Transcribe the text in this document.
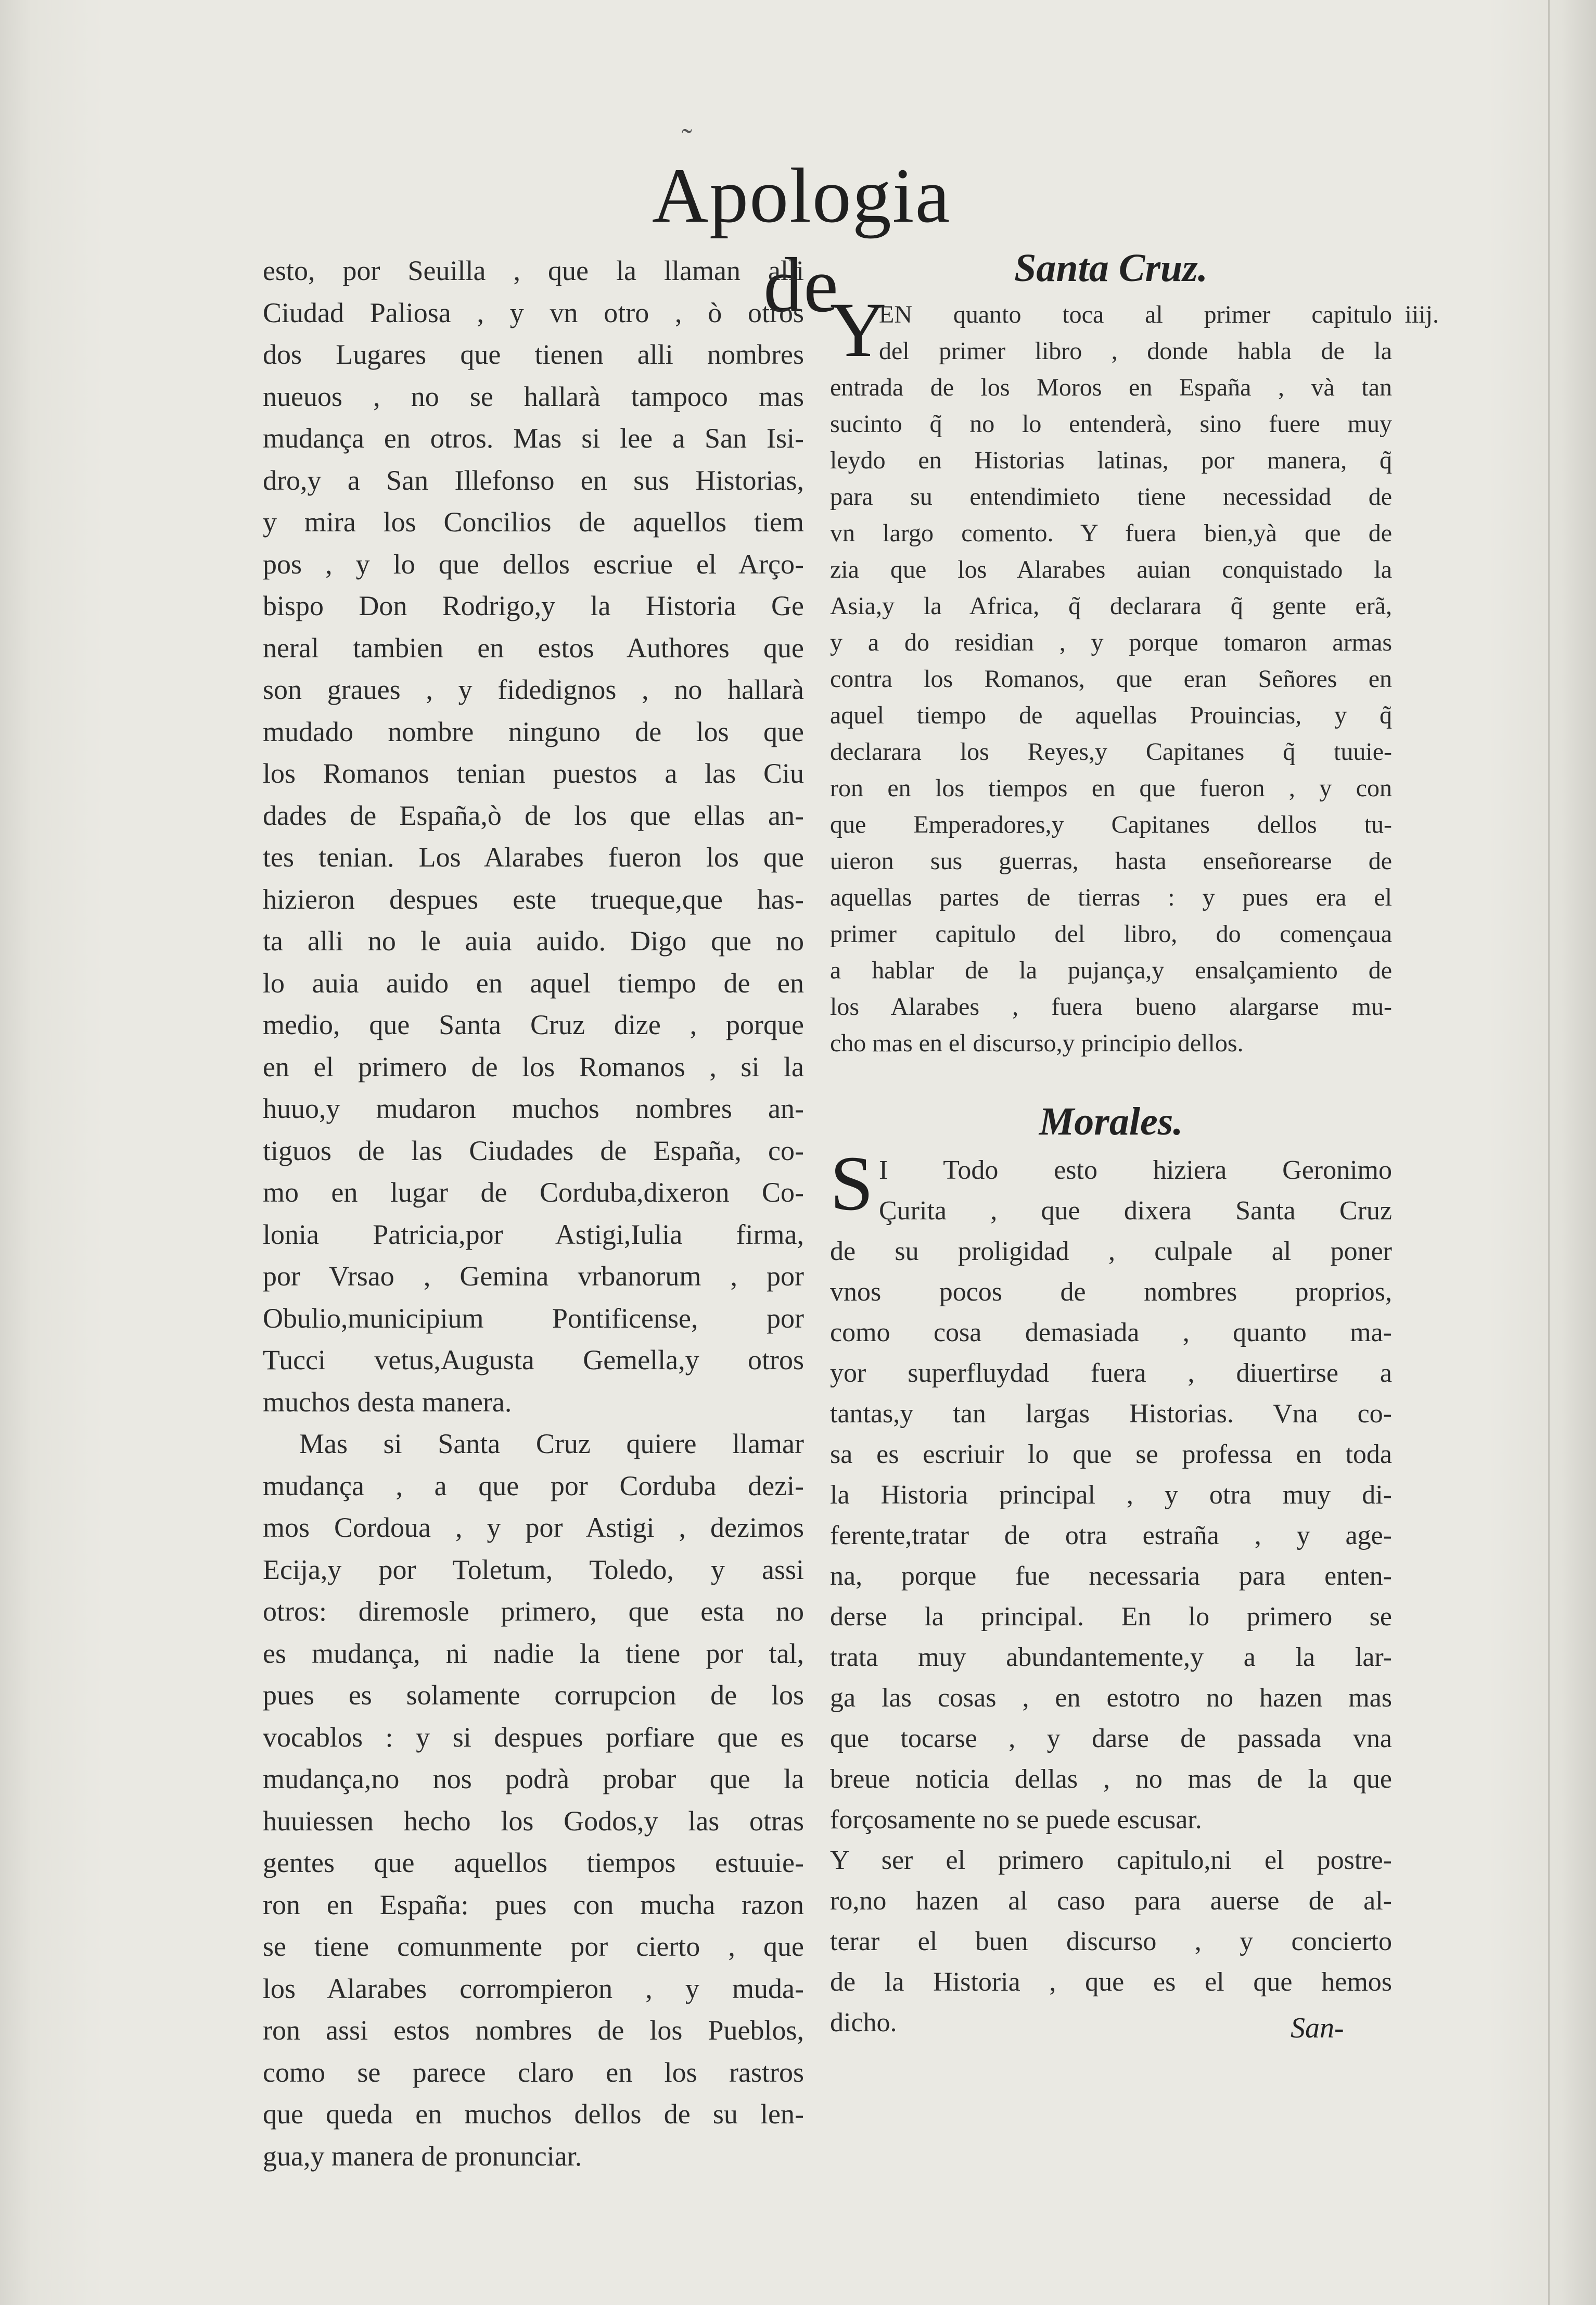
˷
Apologia de
esto, por Seuilla , que la llaman alli
Ciudad Paliosa , y vn otro , ò otros
dos Lugares que tienen alli nombres
nueuos , no se hallarà tampoco mas
mudança en otros. Mas si lee a San Isi-
dro,y a San Illefonso en sus Historias,
y mira los Concilios de aquellos tiem
pos , y lo que dellos escriue el Arço-
bispo Don Rodrigo,y la Historia Ge
neral tambien en estos Authores que
son graues , y fidedignos , no hallarà
mudado nombre ninguno de los que
los Romanos tenian puestos a las Ciu
dades de España,ò de los que ellas an-
tes tenian. Los Alarabes fueron los que
hizieron despues este trueque,que has-
ta alli no le auia auido. Digo que no
lo auia auido en aquel tiempo de en
medio, que Santa Cruz dize , porque
en el primero de los Romanos , si la
huuo,y mudaron muchos nombres an-
tiguos de las Ciudades de España, co-
mo en lugar de Corduba,dixeron Co-
lonia Patricia,por Astigi,Iulia firma,
por Vrsao , Gemina vrbanorum , por
Obulio,municipium Pontificense, por
Tucci vetus,Augusta Gemella,y otros
muchos desta manera.
Mas si Santa Cruz quiere llamar
mudança , a que por Corduba dezi-
mos Cordoua , y por Astigi , dezimos
Ecija,y por Toletum, Toledo, y assi
otros: diremosle primero, que esta no
es mudança, ni nadie la tiene por tal,
pues es solamente corrupcion de los
vocablos : y si despues porfiare que es
mudança,no nos podrà probar que la
huuiessen hecho los Godos,y las otras
gentes que aquellos tiempos estuuie-
ron en España: pues con mucha razon
se tiene comunmente por cierto , que
los Alarabes corrompieron , y muda-
ron assi estos nombres de los Pueblos,
como se parece claro en los rastros
que queda en muchos dellos de su len-
gua,y manera de pronunciar.
Santa Cruz.
iiij.
Y
EN quanto toca al primer capitulo
del primer libro , donde habla de la
entrada de los Moros en España , và tan
sucinto q̃ no lo entenderà, sino fuere muy
leydo en Historias latinas, por manera, q̃
para su entendimieto tiene necessidad de
vn largo comento. Y fuera bien,yà que de
zia que los Alarabes auian conquistado la
Asia,y la Africa, q̃ declarara q̃ gente erã,
y a do residian , y porque tomaron armas
contra los Romanos, que eran Señores en
aquel tiempo de aquellas Prouincias, y q̃
declarara los Reyes,y Capitanes q̃ tuuie-
ron en los tiempos en que fueron , y con
que Emperadores,y Capitanes dellos tu-
uieron sus guerras, hasta enseñorearse de
aquellas partes de tierras : y pues era el
primer capitulo del libro, do començaua
a hablar de la pujança,y ensalçamiento de
los Alarabes , fuera bueno alargarse mu-
cho mas en el discurso,y principio dellos.
Morales.
S I Todo esto hiziera Geronimo
Çurita , que dixera Santa Cruz
de su proligidad , culpale al poner
vnos pocos de nombres proprios,
como cosa demasiada , quanto ma-
yor superfluydad fuera , diuertirse a
tantas,y tan largas Historias. Vna co-
sa es escriuir lo que se professa en toda
la Historia principal , y otra muy di-
ferente,tratar de otra estraña , y age-
na, porque fue necessaria para enten-
derse la principal. En lo primero se
trata muy abundantemente,y a la lar-
ga las cosas , en estotro no hazen mas
que tocarse , y darse de passada vna
breue noticia dellas , no mas de la que
forçosamente no se puede escusar.
Y ser el primero capitulo,ni el postre-
ro,no hazen al caso para auerse de al-
terar el buen discurso , y concierto
de la Historia , que es el que hemos
dicho.	San-
